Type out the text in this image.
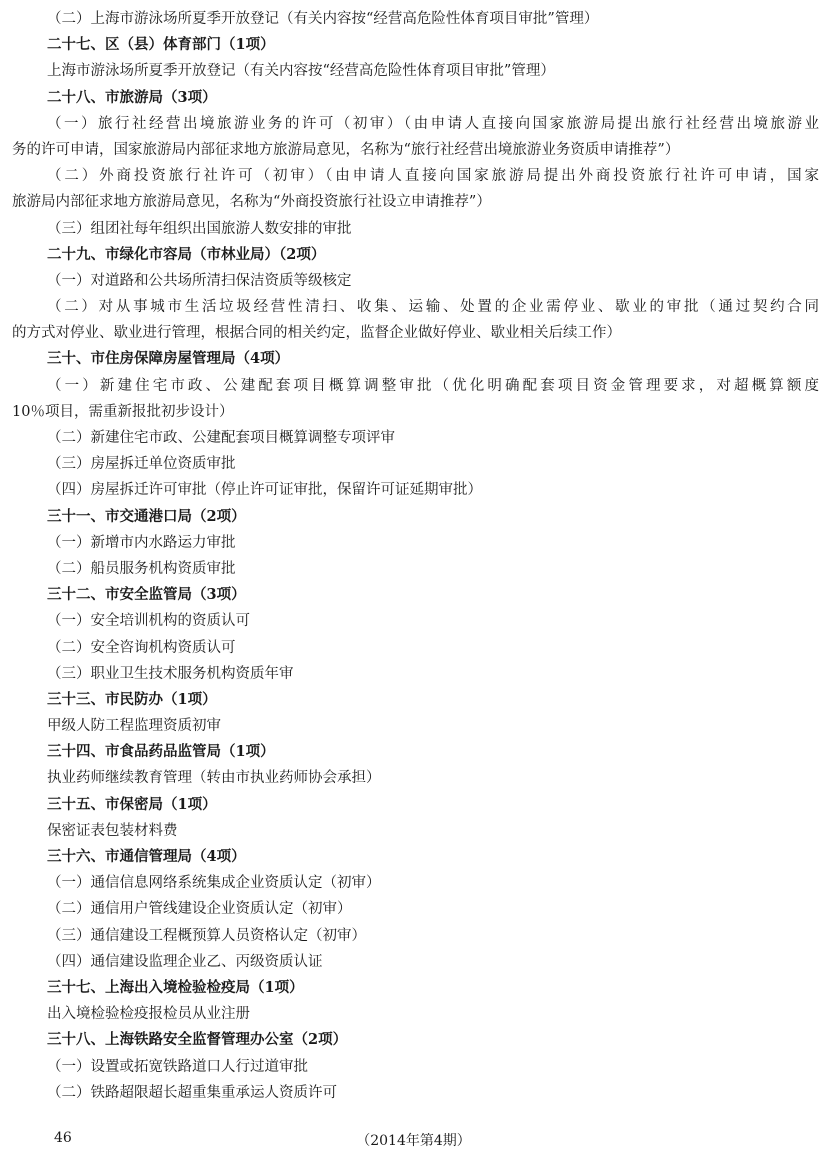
（二）上海市游泳场所夏季开放登记（有关内容按“经营高危险性体育项目审批”管理）
二十七、区（县）体育部门（1项）
上海市游泳场所夏季开放登记（有关内容按“经营高危险性体育项目审批”管理）
二十八、市旅游局（3项）
（一）旅行社经营出境旅游业务的许可（初审）（由申请人直接向国家旅游局提出旅行社经营出境旅游业
务的许可申请，国家旅游局内部征求地方旅游局意见，名称为“旅行社经营出境旅游业务资质申请推荐”）
（二）外商投资旅行社许可（初审）（由申请人直接向国家旅游局提出外商投资旅行社许可申请，国家
旅游局内部征求地方旅游局意见，名称为“外商投资旅行社设立申请推荐”）
（三）组团社每年组织出国旅游人数安排的审批
二十九、市绿化市容局（市林业局）（2项）
（一）对道路和公共场所清扫保洁资质等级核定
（二）对从事城市生活垃圾经营性清扫、收集、运输、处置的企业需停业、歇业的审批（通过契约合同
的方式对停业、歇业进行管理，根据合同的相关约定，监督企业做好停业、歇业相关后续工作）
三十、市住房保障房屋管理局（4项）
（一）新建住宅市政、公建配套项目概算调整审批（优化明确配套项目资金管理要求，对超概算额度
10％项目，需重新报批初步设计）
（二）新建住宅市政、公建配套项目概算调整专项评审
（三）房屋拆迁单位资质审批
（四）房屋拆迁许可审批（停止许可证审批，保留许可证延期审批）
三十一、市交通港口局（2项）
（一）新增市内水路运力审批
（二）船员服务机构资质审批
三十二、市安全监管局（3项）
（一）安全培训机构的资质认可
（二）安全咨询机构资质认可
（三）职业卫生技术服务机构资质年审
三十三、市民防办（1项）
甲级人防工程监理资质初审
三十四、市食品药品监管局（1项）
执业药师继续教育管理（转由市执业药师协会承担）
三十五、市保密局（1项）
保密证表包装材料费
三十六、市通信管理局（4项）
（一）通信信息网络系统集成企业资质认定（初审）
（二）通信用户管线建设企业资质认定（初审）
（三）通信建设工程概预算人员资格认定（初审）
（四）通信建设监理企业乙、丙级资质认证
三十七、上海出入境检验检疫局（1项）
出入境检验检疫报检员从业注册
三十八、上海铁路安全监督管理办公室（2项）
（一）设置或拓宽铁路道口人行过道审批
（二）铁路超限超长超重集重承运人资质许可
46	（2014年第4期）
